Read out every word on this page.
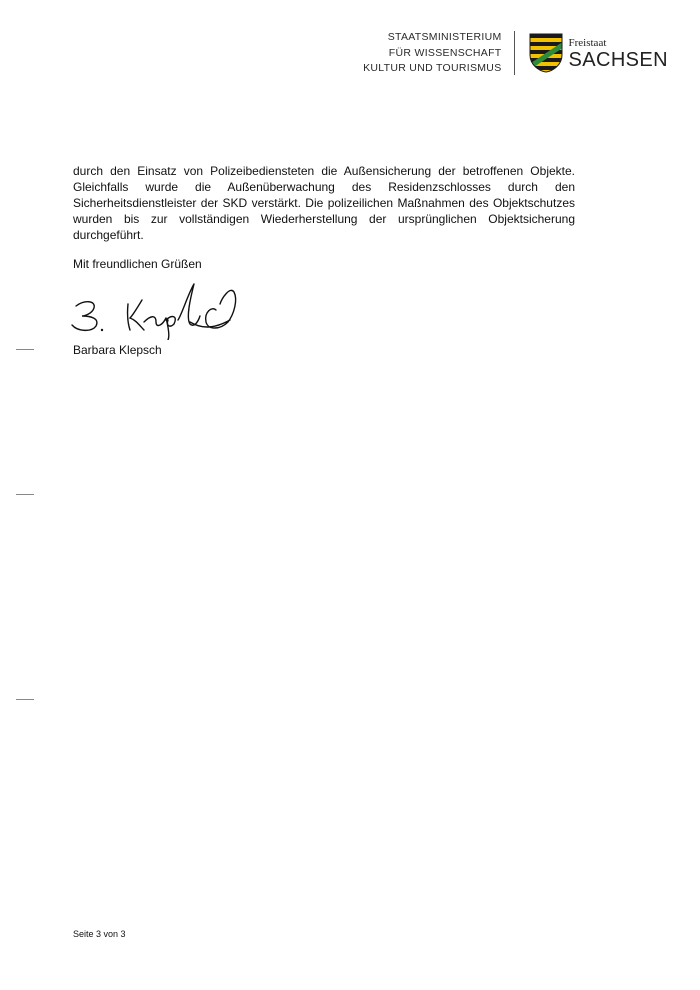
STAATSMINISTERIUM
FÜR WISSENSCHAFT
KULTUR UND TOURISMUS
Freistaat
SACHSEN

durch den Einsatz von Polizeibediensteten die Außensicherung der betroffenen Objekte. Gleichfalls wurde die Außenüberwachung des Residenzschlosses durch den Sicherheitsdienstleister der SKD verstärkt. Die polizeilichen Maßnahmen des Objektschutzes wurden bis zur vollständigen Wiederherstellung der ursprünglichen Objektsicherung durchgeführt.

Mit freundlichen Grüßen
Barbara Klepsch
Seite 3 von 3
